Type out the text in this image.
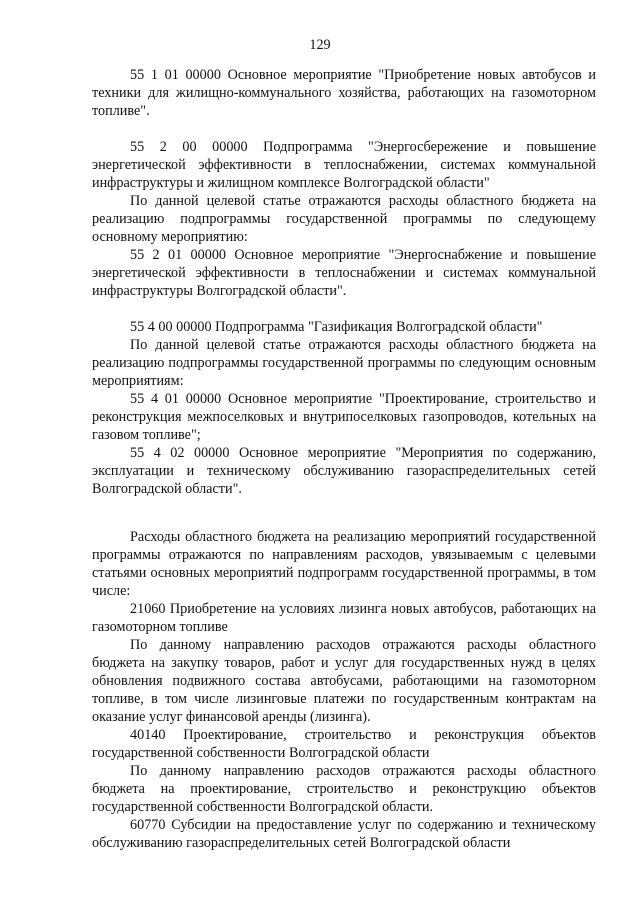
129

55 1 01 00000 Основное мероприятие "Приобретение новых автобусов и техники для жилищно-коммунального хозяйства, работающих на газомоторном топливе".

55 2 00 00000 Подпрограмма "Энергосбережение и повышение энергетической эффективности в теплоснабжении, системах коммунальной инфраструктуры и жилищном комплексе Волгоградской области"

По данной целевой статье отражаются расходы областного бюджета на реализацию подпрограммы государственной программы по следующему основному мероприятию:

55 2 01 00000 Основное мероприятие "Энергоснабжение и повышение энергетической эффективности в теплоснабжении и системах коммунальной инфраструктуры Волгоградской области".

55 4 00 00000 Подпрограмма "Газификация Волгоградской области"

По данной целевой статье отражаются расходы областного бюджета на реализацию подпрограммы государственной программы по следующим основным мероприятиям:

55 4 01 00000 Основное мероприятие "Проектирование, строительство и реконструкция межпоселковых и внутрипоселковых газопроводов, котельных на газовом топливе";

55 4 02 00000 Основное мероприятие "Мероприятия по содержанию, эксплуатации и техническому обслуживанию газораспределительных сетей Волгоградской области".

Расходы областного бюджета на реализацию мероприятий государственной программы отражаются по направлениям расходов, увязываемым с целевыми статьями основных мероприятий подпрограмм государственной программы, в том числе:

21060 Приобретение на условиях лизинга новых автобусов, работающих на газомоторном топливе

По данному направлению расходов отражаются расходы областного бюджета на закупку товаров, работ и услуг для государственных нужд в целях обновления подвижного состава автобусами, работающими на газомоторном топливе, в том числе лизинговые платежи по государственным контрактам на оказание услуг финансовой аренды (лизинга).

40140 Проектирование, строительство и реконструкция объектов государственной собственности Волгоградской области

По данному направлению расходов отражаются расходы областного бюджета на проектирование, строительство и реконструкцию объектов государственной собственности Волгоградской области.

60770 Субсидии на предоставление услуг по содержанию и техническому обслуживанию газораспределительных сетей Волгоградской области
